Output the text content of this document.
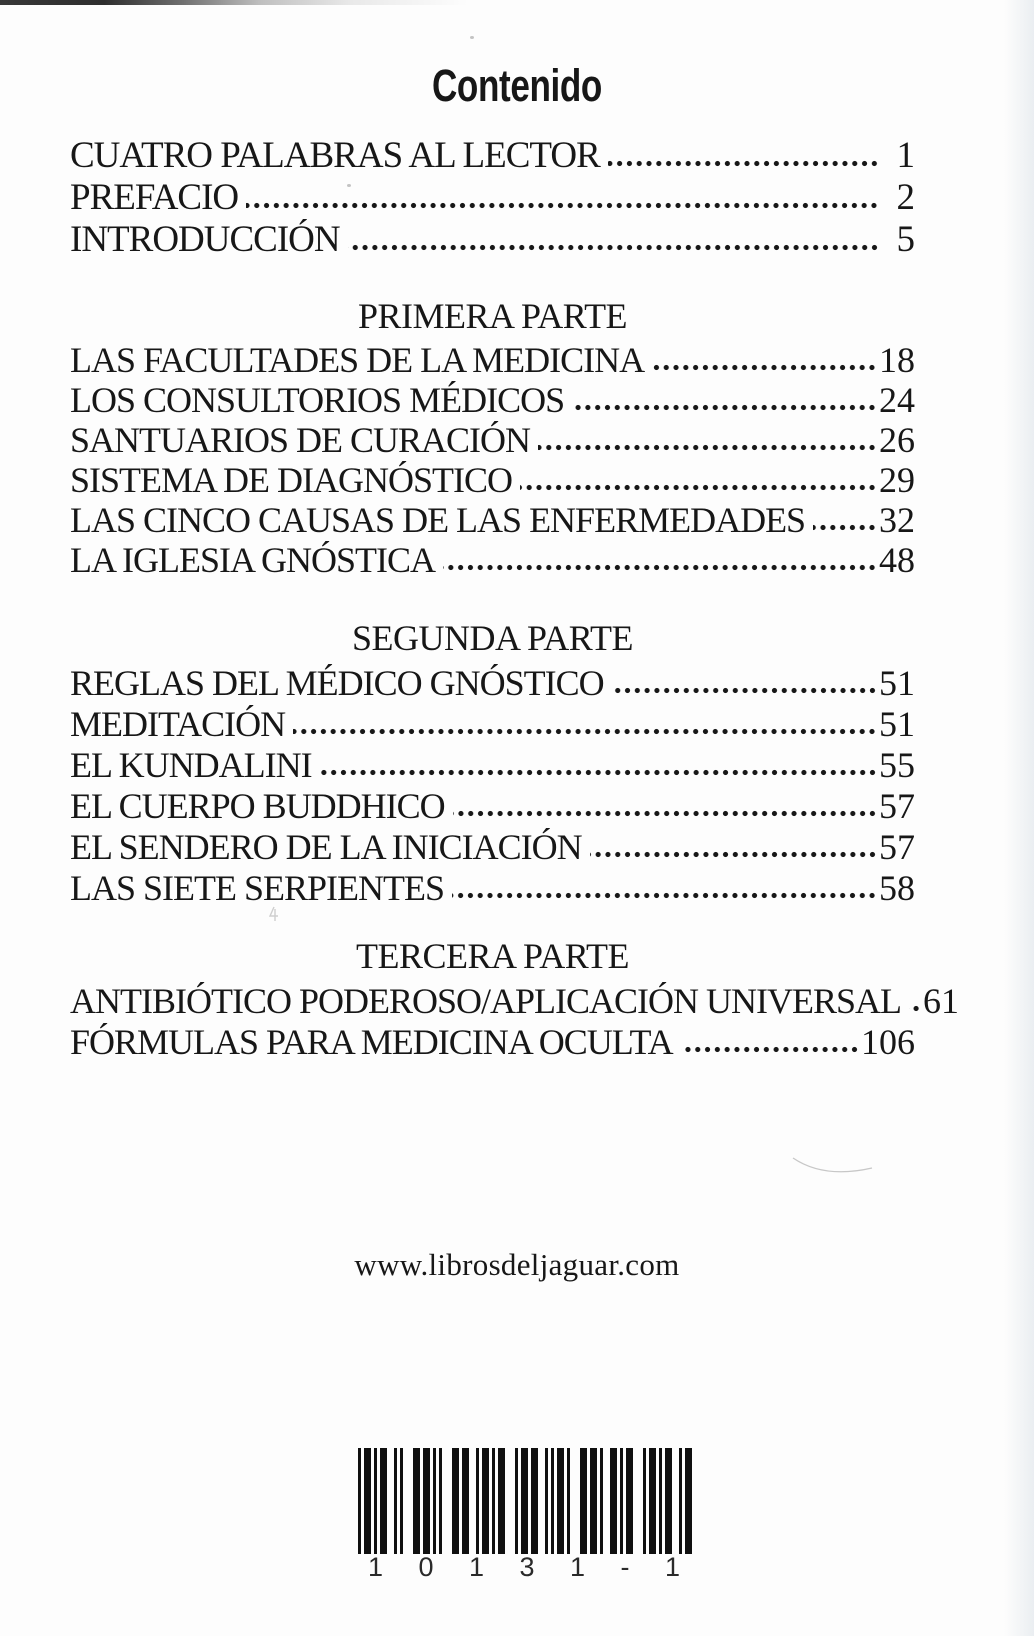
Contenido
CUATRO PALABRAS AL LECTOR	1
PREFACIO	2
INTRODUCCIÓN	5
PRIMERA PARTE
LAS FACULTADES DE LA MEDICINA	18
LOS CONSULTORIOS MÉDICOS	24
SANTUARIOS DE CURACIÓN	26
SISTEMA DE DIAGNÓSTICO	29
LAS CINCO CAUSAS DE LAS ENFERMEDADES 32
LA IGLESIA GNÓSTICA	48
SEGUNDA PARTE
REGLAS DEL MÉDICO GNÓSTICO	51
MEDITACIÓN	51
EL KUNDALINI	55
EL CUERPO BUDDHICO	57
EL SENDERO DE LA INICIACIÓN	57
LAS SIETE SERPIENTES	58
TERCERA PARTE
ANTIBIÓTICO PODEROSO/APLICACIÓN UNIVERSAL 61
FÓRMULAS PARA MEDICINA OCULTA	106
www.librosdeljaguar.com
1 0 1 3 1 - 1
